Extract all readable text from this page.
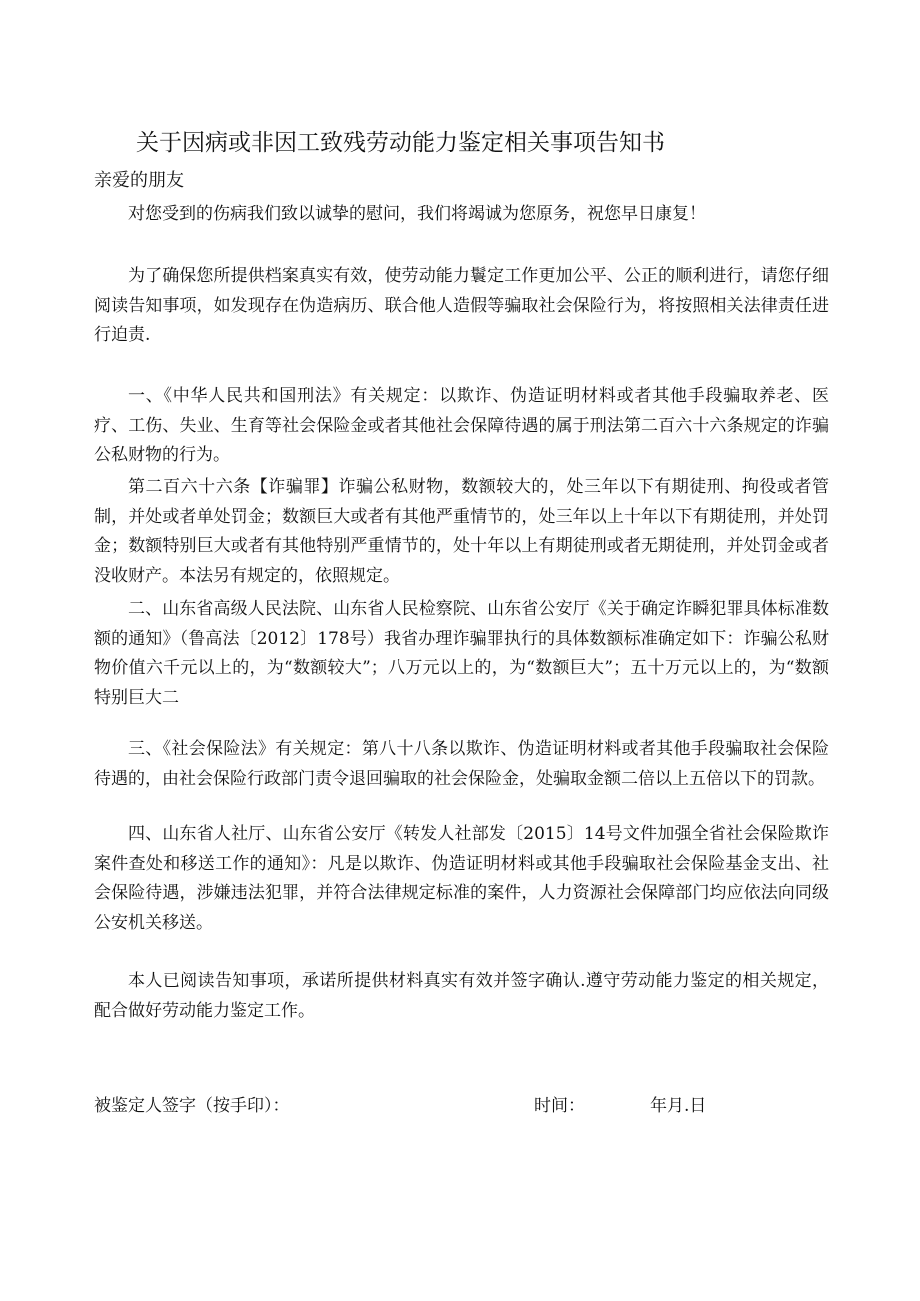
关于因病或非因工致残劳动能力鉴定相关事项告知书
亲爱的朋友

对您受到的伤病我们致以诚挚的慰问，我们将竭诚为您原务，祝您早日康复！

为了确保您所提供档案真实有效，使劳动能力鬟定工作更加公平、公正的顺利进行，请您仔细阅读告知事项，如发现存在伪造病历、联合他人造假等骗取社会保险行为，将按照相关法律责任进行迫责.

一、《中华人民共和国刑法》有关规定：以欺诈、伪造证明材料或者其他手段骗取养老、医疗、工伤、失业、生育等社会保险金或者其他社会保障待遇的属于刑法第二百六十六条规定的诈骗公私财物的行为。

第二百六十六条【诈骗罪】诈骗公私财物，数额较大的，处三年以下有期徒刑、拘役或者管制，并处或者单处罚金；数额巨大或者有其他严重情节的，处三年以上十年以下有期徒刑，并处罚金；数额特别巨大或者有其他特别严重情节的，处十年以上有期徒刑或者无期徒刑，并处罚金或者没收财产。本法另有规定的，依照规定。

二、山东省高级人民法院、山东省人民检察院、山东省公安厅《关于确定诈瞬犯罪具体标准数额的通知》（鲁高法〔2012〕178号）我省办理诈骗罪执行的具体数额标准确定如下：诈骗公私财物价值六千元以上的，为“数额较大”；八万元以上的，为“数额巨大”；五十万元以上的，为“数额特别巨大二

三、《社会保险法》有关规定：第八十八条以欺诈、伪造证明材料或者其他手段骗取社会保险待遇的，由社会保险行政部门责令退回骗取的社会保险金，处骗取金额二倍以上五倍以下的罚款。

四、山东省人社厅、山东省公安厅《转发人社部发〔2015〕14号文件加强全省社会保险欺诈案件查处和移送工作的通知》：凡是以欺诈、伪造证明材料或其他手段骗取社会保险基金支出、社会保险待遇，涉嫌违法犯罪，并符合法律规定标准的案件，人力资源社会保障部门均应依法向同级公安机关移送。

本人已阅读告知事项，承诺所提供材料真实有效并签字确认.遵守劳动能力鉴定的相关规定，配合做好劳动能力鉴定工作。

被鉴定人签字（按手印）：	时间：	年月.日
